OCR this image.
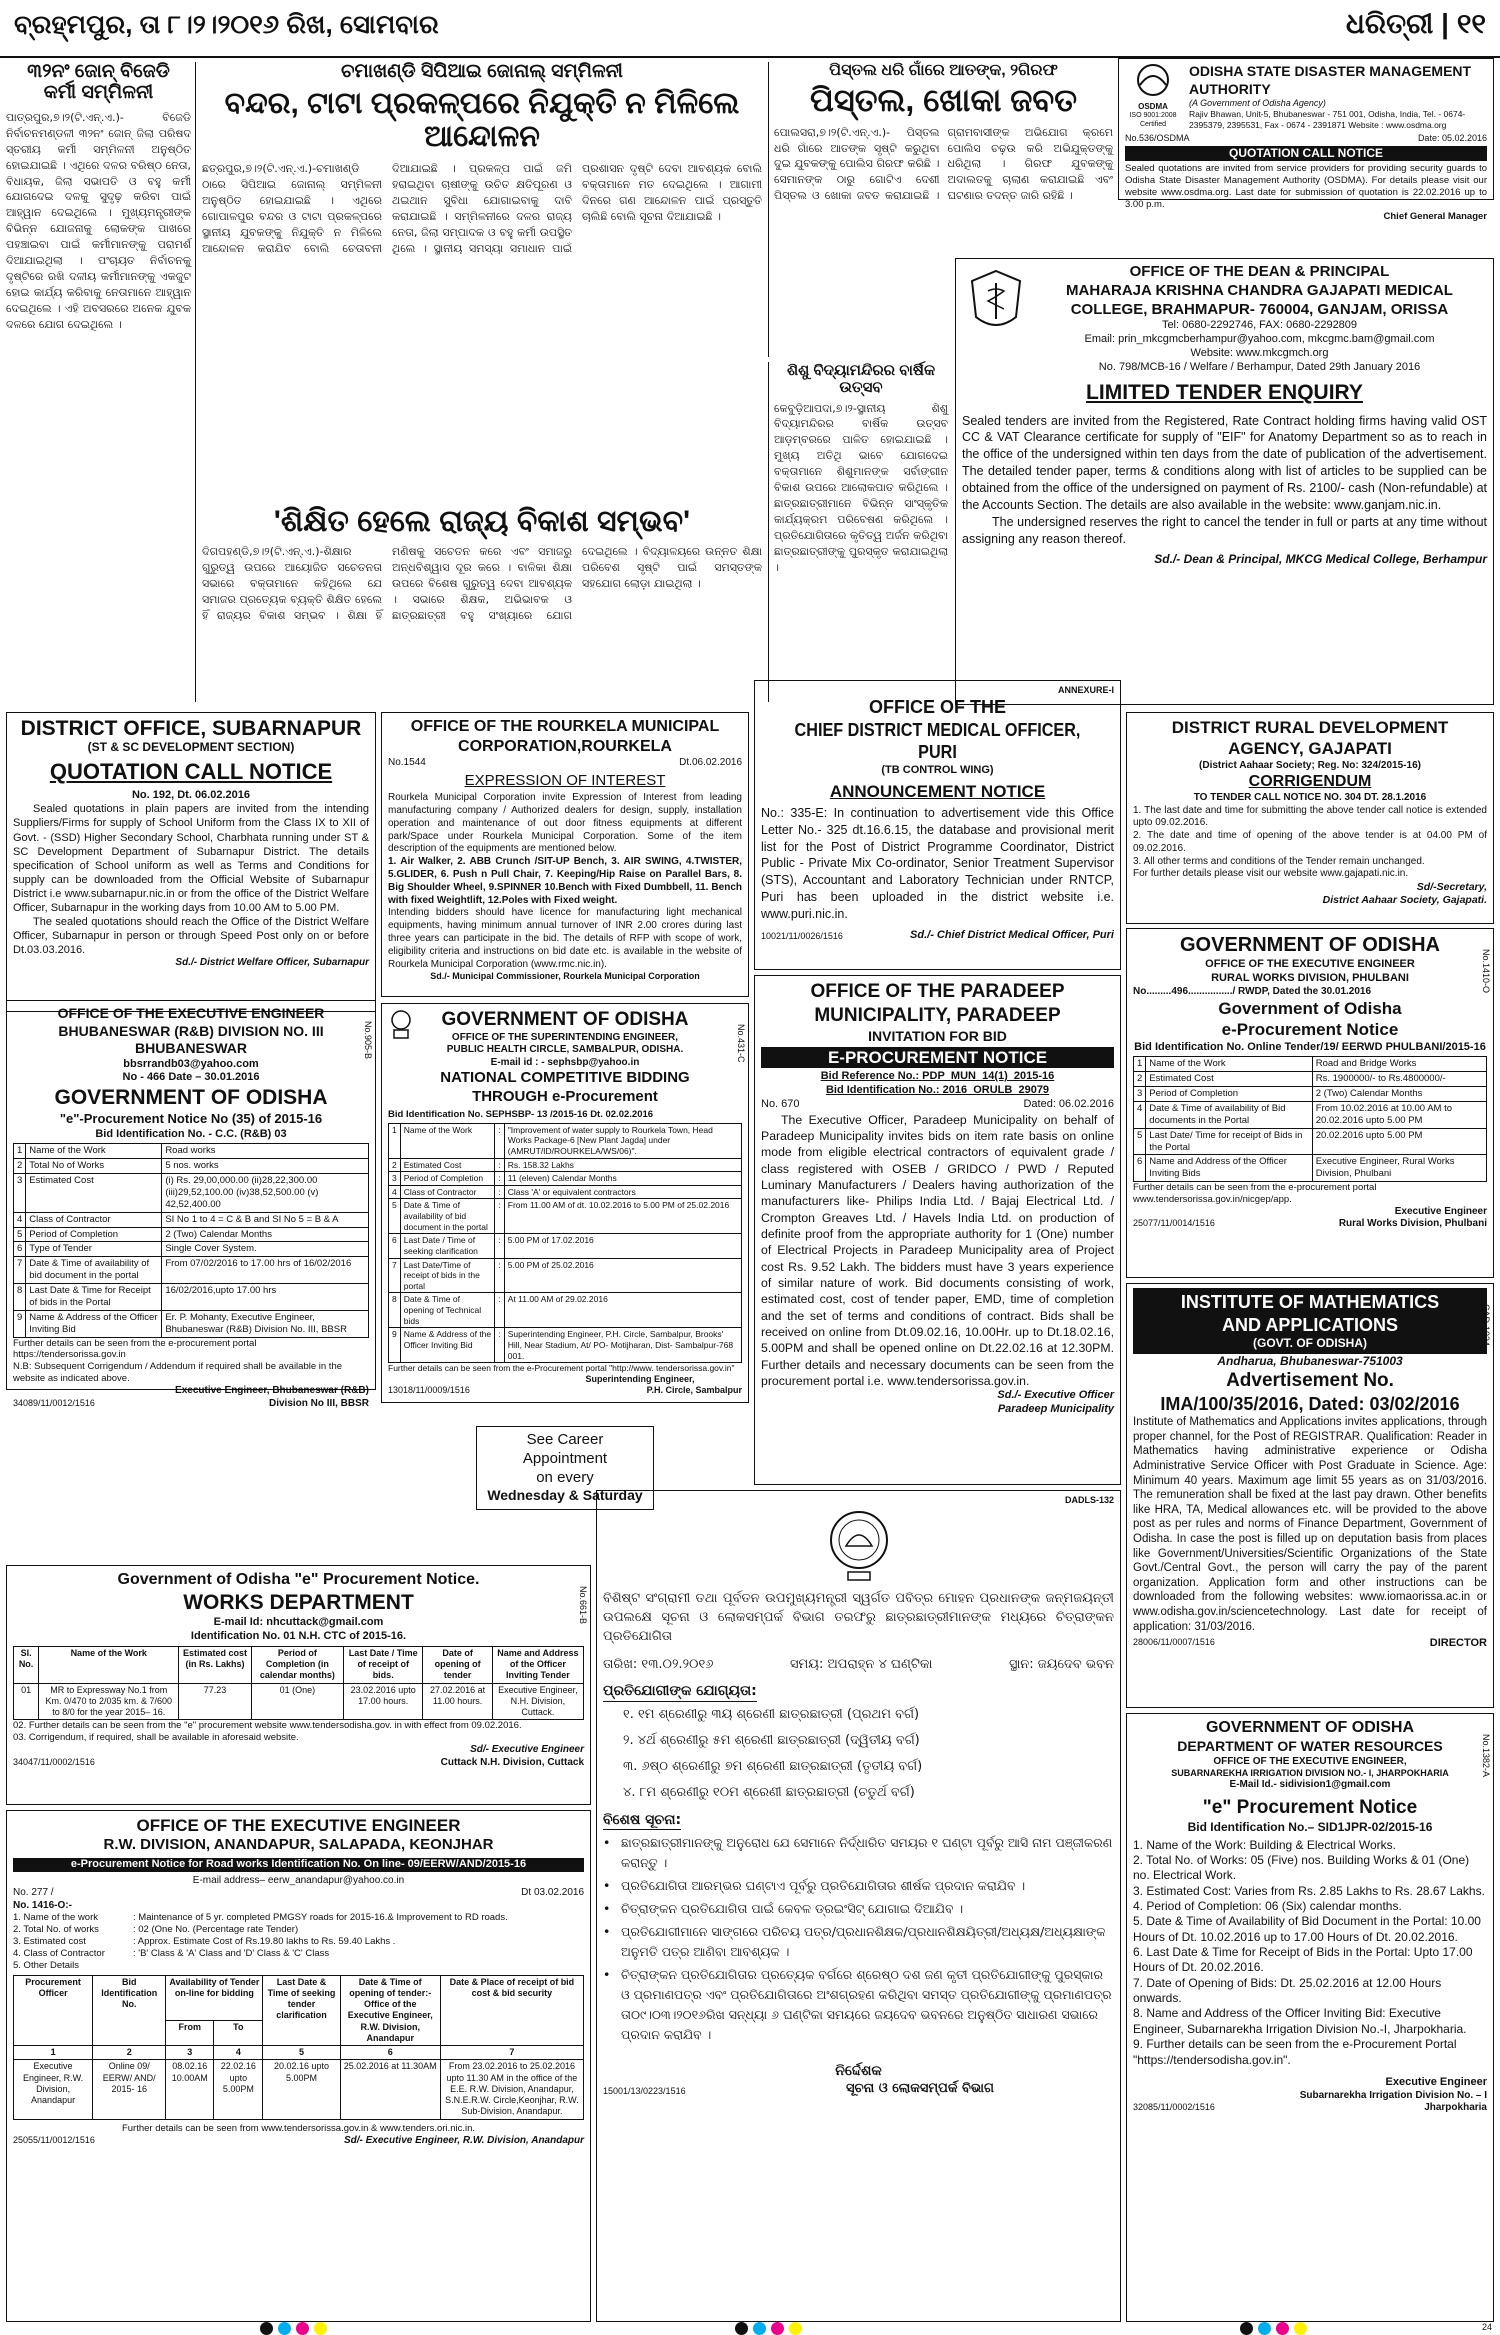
ବ୍ରହ୍ମପୁର, ତା ୮।୨।୨୦୧୬ ରିଖ, ସୋମବାର	ଧରିତ୍ରୀ | ୧୧
୩୨ନଂ ଜୋନ୍ ବିଜେଡି
କର୍ମୀ ସମ୍ମିଳନୀ
ପାତ୍ରପୁର,୭।୨(ଟି.ଏନ୍.ଏ.)- ବିଜେଡି ନିର୍ବାଚନମଣ୍ଡଳୀ ୩୨ନଂ ଜୋନ୍ ଜିଲା ପରିଷଦ ସ୍ତରୀୟ କର୍ମୀ ସମ୍ମିଳନୀ ଅନୁଷ୍ଠିତ ହୋଇଯାଇଛି । ଏଥିରେ ଦଳର ବରିଷ୍ଠ ନେତା, ବିଧାୟକ, ଜିଲା ସଭାପତି ଓ ବହୁ କର୍ମୀ ଯୋଗଦେଇ ଦଳକୁ ସୁଦୃଢ଼ କରିବା ପାଇଁ ଆହ୍ୱାନ ଦେଇଥିଲେ । ମୁଖ୍ୟମନ୍ତ୍ରୀଙ୍କ ବିଭିନ୍ନ ଯୋଜନାକୁ ଲୋକଙ୍କ ପାଖରେ ପହଞ୍ଚାଇବା ପାଇଁ କର୍ମୀମାନଙ୍କୁ ପରାମର୍ଶ ଦିଆଯାଇଥିଲା । ପଂଚାୟତ ନିର୍ବାଚନକୁ ଦୃଷ୍ଟିରେ ରଖି ଦଳୀୟ କର୍ମୀମାନଙ୍କୁ ଏକଜୁଟ ହୋଇ କାର୍ଯ୍ୟ କରିବାକୁ ନେତାମାନେ ଆହ୍ୱାନ ଦେଇଥିଲେ । ଏହି ଅବସରରେ ଅନେକ ଯୁବକ ଦଳରେ ଯୋଗ ଦେଇଥିଲେ ।
ଚମାଖଣ୍ଡି ସିପିଆଇ ଜୋନାଲ୍ ସମ୍ମିଳନୀ
ବନ୍ଦର, ଟାଟା ପ୍ରକଳ୍ପରେ ନିଯୁକ୍ତି ନ ମିଳିଲେ ଆନ୍ଦୋଳନ
ଛତ୍ରପୁର,୭।୨(ଟି.ଏନ୍.ଏ.)-ଚମାଖଣ୍ଡି ଠାରେ ସିପିଆଇ ଜୋନାଲ୍ ସମ୍ମିଳନୀ ଅନୁଷ୍ଠିତ ହୋଇଯାଇଛି । ଏଥିରେ ଗୋପାଳପୁର ବନ୍ଦର ଓ ଟାଟା ପ୍ରକଳ୍ପରେ ସ୍ଥାନୀୟ ଯୁବକଙ୍କୁ ନିଯୁକ୍ତି ନ ମିଳିଲେ ଆନ୍ଦୋଳନ କରାଯିବ ବୋଲି ଚେତାବନୀ ଦିଆଯାଇଛି । ପ୍ରକଳ୍ପ ପାଇଁ ଜମି ହରାଇଥିବା ଚାଷୀଙ୍କୁ ଉଚିତ କ୍ଷତିପୂରଣ ଓ ଥଇଥାନ ସୁବିଧା ଯୋଗାଇବାକୁ ଦାବି କରାଯାଇଛି । ସମ୍ମିଳନୀରେ ଦଳର ରାଜ୍ୟ ନେତା, ଜିଲା ସମ୍ପାଦକ ଓ ବହୁ କର୍ମୀ ଉପସ୍ଥିତ ଥିଲେ । ସ୍ଥାନୀୟ ସମସ୍ୟା ସମାଧାନ ପାଇଁ ପ୍ରଶାସନ ଦୃଷ୍ଟି ଦେବା ଆବଶ୍ୟକ ବୋଲି ବକ୍ତାମାନେ ମତ ଦେଇଥିଲେ । ଆଗାମୀ ଦିନରେ ଗଣ ଆନ୍ଦୋଳନ ପାଇଁ ପ୍ରସ୍ତୁତି ଚାଲିଛି ବୋଲି ସୂଚନା ଦିଆଯାଇଛି ।
'ଶିକ୍ଷିତ ହେଲେ ରାଜ୍ୟ ବିକାଶ ସମ୍ଭବ'
ଦିଗପହଣ୍ଡି,୭।୨(ଟି.ଏନ୍.ଏ.)-ଶିକ୍ଷାର ଗୁରୁତ୍ୱ ଉପରେ ଆୟୋଜିତ ସଚେତନତା ସଭାରେ ବକ୍ତାମାନେ କହିଥିଲେ ଯେ ସମାଜର ପ୍ରତ୍ୟେକ ବ୍ୟକ୍ତି ଶିକ୍ଷିତ ହେଲେ ହିଁ ରାଜ୍ୟର ବିକାଶ ସମ୍ଭବ । ଶିକ୍ଷା ହିଁ ମଣିଷକୁ ସଚେତନ କରେ ଏବଂ ସମାଜରୁ ଅନ୍ଧବିଶ୍ୱାସ ଦୂର କରେ । ବାଳିକା ଶିକ୍ଷା ଉପରେ ବିଶେଷ ଗୁରୁତ୍ୱ ଦେବା ଆବଶ୍ୟକ । ସଭାରେ ଶିକ୍ଷକ, ଅଭିଭାବକ ଓ ଛାତ୍ରଛାତ୍ରୀ ବହୁ ସଂଖ୍ୟାରେ ଯୋଗ ଦେଇଥିଲେ । ବିଦ୍ୟାଳୟରେ ଉନ୍ନତ ଶିକ୍ଷା ପରିବେଶ ସୃଷ୍ଟି ପାଇଁ ସମସ୍ତଙ୍କ ସହଯୋଗ ଲୋଡ଼ା ଯାଇଥିଲା ।
ପିସ୍ତଲ ଧରି ଗାଁରେ ଆତଙ୍କ, ୨ଗିରଫ
ପିସ୍ତଲ, ଖୋକା ଜବତ
ପୋଲସରା,୭।୨(ଟି.ଏନ୍.ଏ.)- ପିସ୍ତଲ ଧରି ଗାଁରେ ଆତଙ୍କ ସୃଷ୍ଟି କରୁଥିବା ଦୁଇ ଯୁବକଙ୍କୁ ପୋଲିସ ଗିରଫ କରିଛି । ସେମାନଙ୍କ ଠାରୁ ଗୋଟିଏ ଦେଶୀ ପିସ୍ତଲ ଓ ଖୋକା ଜବତ କରାଯାଇଛି । ଗ୍ରାମବାସୀଙ୍କ ଅଭିଯୋଗ କ୍ରମେ ପୋଲିସ ଚଢ଼ଉ କରି ଅଭିଯୁକ୍ତଙ୍କୁ ଧରିଥିଲା । ଗିରଫ ଯୁବକଙ୍କୁ ଅଦାଲତକୁ ଚାଲାଣ କରାଯାଇଛି ଏବଂ ଘଟଣାର ତଦନ୍ତ ଜାରି ରହିଛି ।
ଶିଶୁ ବିଦ୍ୟାମନ୍ଦିରର ବାର୍ଷିକ ଉତ୍ସବ
କେବୁଡ଼ିଆପଦା,୭।୨-ସ୍ଥାନୀୟ ଶିଶୁ ବିଦ୍ୟାମନ୍ଦିରର ବାର୍ଷିକ ଉତ୍ସବ ଆଡ଼ମ୍ବରରେ ପାଳିତ ହୋଇଯାଇଛି । ମୁଖ୍ୟ ଅତିଥି ଭାବେ ଯୋଗଦେଇ ବକ୍ତାମାନେ ଶିଶୁମାନଙ୍କ ସର୍ବାଙ୍ଗୀନ ବିକାଶ ଉପରେ ଆଲୋକପାତ କରିଥିଲେ । ଛାତ୍ରଛାତ୍ରୀମାନେ ବିଭିନ୍ନ ସାଂସ୍କୃତିକ କାର୍ଯ୍ୟକ୍ରମ ପରିବେଷଣ କରିଥିଲେ । ପ୍ରତିଯୋଗିତାରେ କୃତିତ୍ୱ ଅର୍ଜନ କରିଥିବା ଛାତ୍ରଛାତ୍ରୀଙ୍କୁ ପୁରସ୍କୃତ କରାଯାଇଥିଲା ।
OSDMA
ISO 9001:2008 Certified
ODISHA STATE DISASTER MANAGEMENT AUTHORITY
(A Government of Odisha Agency)
Rajiv Bhawan, Unit-5, Bhubaneswar - 751 001, Odisha, India, Tel. - 0674-2395379, 2395531, Fax - 0674 - 2391871 Website : www.osdma.org
No.536/OSDMA	Date: 05.02.2016
QUOTATION CALL NOTICE
Sealed quotations are invited from service providers for providing security guards to Odisha State Disaster Management Authority (OSDMA). For details please visit our website www.osdma.org. Last date for submission of quotation is 22.02.2016 up to 3.00 p.m.
Chief General Manager
OFFICE OF THE DEAN & PRINCIPAL
MAHARAJA KRISHNA CHANDRA GAJAPATI MEDICAL
COLLEGE, BRAHMAPUR- 760004, GANJAM, ORISSA
Tel: 0680-2292746, FAX: 0680-2292809
Email: prin_mkcgmcberhampur@yahoo.com, mkcgmc.bam@gmail.com
Website: www.mkcgmch.org
No. 798/MCB-16 / Welfare / Berhampur, Dated 29th January 2016
LIMITED TENDER ENQUIRY
Sealed tenders are invited from the Registered, Rate Contract holding firms having valid OST CC & VAT Clearance certificate for supply of "EIF" for Anatomy Department so as to reach in the office of the undersigned within ten days from the date of publication of the advertisement. The detailed tender paper, terms & conditions along with list of articles to be supplied can be obtained from the office of the undersigned on payment of Rs. 2100/- cash (Non-refundable) at the Accounts Section. The details are also available in the website: www.ganjam.nic.in.
The undersigned reserves the right to cancel the tender in full or parts at any time without assigning any reason thereof.
Sd./- Dean & Principal, MKCG Medical College, Berhampur
DISTRICT OFFICE, SUBARNAPUR
(ST & SC DEVELOPMENT SECTION)
QUOTATION CALL NOTICE
No. 192, Dt. 06.02.2016
Sealed quotations in plain papers are invited from the intending Suppliers/Firms for supply of School Uniform from the Class IX to XII of Govt. - (SSD) Higher Secondary School, Charbhata running under ST & SC Development Department of Subarnapur District. The details specification of School uniform as well as Terms and Conditions for supply can be downloaded from the Official Website of Subarnapur District i.e www.subarnapur.nic.in or from the office of the District Welfare Officer, Subarnapur in the working days from 10.00 AM to 5.00 PM.
The sealed quotations should reach the Office of the District Welfare Officer, Subarnapur in person or through Speed Post only on or before Dt.03.03.2016.
Sd./- District Welfare Officer, Subarnapur
OFFICE OF THE ROURKELA MUNICIPAL
CORPORATION,ROURKELA
No.1544	Dt.06.02.2016
EXPRESSION OF INTEREST
Rourkela Municipal Corporation invite Expression of Interest from leading manufacturing company / Authorized dealers for design, supply, installation operation and maintenance of out door fitness equipments at different park/Space under Rourkela Municipal Corporation. Some of the item description of the equipments are mentioned below.
1. Air Walker, 2. ABB Crunch /SIT-UP Bench, 3. AIR SWING, 4.TWISTER, 5.GLIDER, 6. Push n Pull Chair, 7. Keeping/Hip Raise on Parallel Bars, 8. Big Shoulder Wheel, 9.SPINNER 10.Bench with Fixed Dumbbell, 11. Bench with fixed Weightlift, 12.Poles with Fixed weight.
Intending bidders should have licence for manufacturing light mechanical equipments, having minimum annual turnover of INR 2.00 crores during last three years can participate in the bid. The details of RFP with scope of work, eligibility criteria and instructions on bid date etc. is available in the website of Rourkela Municipal Corporation (www.rmc.nic.in).
Sd./- Municipal Commissioner, Rourkela Municipal Corporation
ANNEXURE-I
OFFICE OF THE
CHIEF DISTRICT MEDICAL OFFICER, PURI
(TB CONTROL WING)
ANNOUNCEMENT NOTICE
No.: 335-E: In continuation to advertisement vide this Office Letter No.- 325 dt.16.6.15, the database and provisional merit list for the Post of District Programme Coordinator, District Public - Private Mix Co-ordinator, Senior Treatment Supervisor (STS), Accountant and Laboratory Technician under RNTCP, Puri has been uploaded in the district website i.e. www.puri.nic.in.
10021/11/0026/1516	Sd./- Chief District Medical Officer, Puri
DISTRICT RURAL DEVELOPMENT
AGENCY, GAJAPATI
(District Aahaar Society; Reg. No: 324/2015-16)
CORRIGENDUM
TO TENDER CALL NOTICE NO. 304 DT. 28.1.2016
1. The last date and time for submitting the above tender call notice is extended upto 09.02.2016.
2. The date and time of opening of the above tender is at 04.00 PM of 09.02.2016.
3. All other terms and conditions of the Tender remain unchanged.
For further details please visit our website www.gajapati.nic.in.
Sd/-Secretary,
District Aahaar Society, Gajapati.
No.905-B
OFFICE OF THE EXECUTIVE ENGINEER
BHUBANESWAR (R&B) DIVISION NO. III
BHUBANESWAR
bbsrrandb03@yahoo.com
No - 466 Date – 30.01.2016
GOVERNMENT OF ODISHA
"e"-Procurement Notice No (35) of 2015-16
Bid Identification No. - C.C. (R&B) 03
1	Name of the Work	Road works
2	Total No of Works	5 nos. works
3	Estimated Cost	(i) Rs. 29,00,000.00 (ii)28,22,300.00 (iii)29,52,100.00 (iv)38,52,500.00 (v) 42,52,400.00
4	Class of Contractor	SI No 1 to 4 = C & B and SI No 5 = B & A
5	Period of Completion	2 (Two) Calendar Months
6	Type of Tender	Single Cover System.
7	Date & Time of availability of bid document in the portal	From 07/02/2016 to 17.00 hrs of 16/02/2016
8	Last Date & Time for Receipt of bids in the Portal	16/02/2016,upto 17.00 hrs
9	Name & Address of the Officer Inviting Bid	Er. P. Mohanty, Executive Engineer, Bhubaneswar (R&B) Division No. III, BBSR
Further details can be seen from the e-procurement portal https://tendersorissa.gov.in
N.B: Subsequent Corrigendum / Addendum if required shall be available in the website as indicated above.
Executive Engineer, Bhubaneswar (R&B)
34089/11/0012/1516	Division No III, BBSR
No.431-C
GOVERNMENT OF ODISHA
OFFICE OF THE SUPERINTENDING ENGINEER,
PUBLIC HEALTH CIRCLE, SAMBALPUR, ODISHA.
E-mail id : - sephsbp@yahoo.in
NATIONAL COMPETITIVE BIDDING
THROUGH e-Procurement
Bid Identification No. SEPHSBP- 13 /2015-16 Dt. 02.02.2016
1	Name of the Work	:	"Improvement of water supply to Rourkela Town, Head Works Package-6 [New Plant Jagda] under (AMRUT/ID/ROURKELA/WS/06)".
2	Estimated Cost	:	Rs. 158.32 Lakhs
3	Period of Completion	:	11 (eleven) Calendar Months
4	Class of Contractor	:	Class 'A' or equivalent contractors
5	Date & Time of availability of bid document in the portal	:	From 11.00 AM of dt. 10.02.2016 to 5.00 PM of 25.02.2016
6	Last Date / Time of seeking clarification	:	5.00 PM of 17.02.2016
7	Last Date/Time of receipt of bids in the portal	:	5.00 PM of 25.02.2016
8	Date & Time of opening of Technical bids	:	At 11.00 AM of 29.02.2016
9	Name & Address of the Officer Inviting Bid	:	Superintending Engineer, P.H. Circle, Sambalpur, Brooks' Hill, Near Stadium, At/ PO- Motijharan, Dist- Sambalpur-768 001.
Further details can be seen from the e-Procurement portal "http://www. tendersorissa.gov.in"
Superintending Engineer,
13018/11/0009/1516	P.H. Circle, Sambalpur
OFFICE OF THE PARADEEP
MUNICIPALITY, PARADEEP
INVITATION FOR BID
E-PROCUREMENT NOTICE
Bid Reference No.: PDP_MUN_14(1)_2015-16
Bid Identification No.: 2016_ORULB_29079
No. 670	Dated: 06.02.2016
The Executive Officer, Paradeep Municipality on behalf of Paradeep Municipality invites bids on item rate basis on online mode from eligible electrical contractors of equivalent grade / class registered with OSEB / GRIDCO / PWD / Reputed Luminary Manufacturers / Dealers having authorization of the manufacturers like- Philips India Ltd. / Bajaj Electrical Ltd. / Crompton Greaves Ltd. / Havels India Ltd. on production of definite proof from the appropriate authority for 1 (One) number of Electrical Projects in Paradeep Municipality area of Project cost Rs. 9.52 Lakh. The bidders must have 3 years experience of similar nature of work. Bid documents consisting of work, estimated cost, cost of tender paper, EMD, time of completion and the set of terms and conditions of contract. Bids shall be received on online from Dt.09.02.16, 10.00Hr. up to Dt.18.02.16, 5.00PM and shall be opened online on Dt.22.02.16 at 12.30PM. Further details and necessary documents can be seen from the procurement portal i.e. www.tendersorissa.gov.in.
Sd./- Executive Officer
Paradeep Municipality
No.1410-O
GOVERNMENT OF ODISHA
OFFICE OF THE EXECUTIVE ENGINEER
RURAL WORKS DIVISION, PHULBANI
No.........496................/ RWDP, Dated the 30.01.2016
Government of Odisha
e-Procurement Notice
Bid Identification No. Online Tender/19/ EERWD PHULBANI/2015-16
1	Name of the Work	Road and Bridge Works
2	Estimated Cost	Rs. 1900000/- to Rs.4800000/-
3	Period of Completion	2 (Two) Calendar Months
4	Date & Time of availability of Bid documents in the Portal	From 10.02.2016 at 10.00 AM to 20.02.2016 upto 5.00 PM
5	Last Date/ Time for receipt of Bids in the Portal	20.02.2016 upto 5.00 PM
6	Name and Address of the Officer Inviting Bids	Executive Engineer, Rural Works Division, Phulbani
Further details can be seen from the e-procurement portal www.tendersorissa.gov.in/nicgep/app.
Executive Engineer
25077/11/0014/1516	Rural Works Division, Phulbani
CAD-1034
INSTITUTE OF MATHEMATICS
AND APPLICATIONS
(GOVT. OF ODISHA)
Andharua, Bhubaneswar-751003
Advertisement No.
IMA/100/35/2016, Dated: 03/02/2016
Institute of Mathematics and Applications invites applications, through proper channel, for the Post of REGISTRAR. Qualification: Reader in Mathematics having administrative experience or Odisha Administrative Service Officer with Post Graduate in Science. Age: Minimum 40 years. Maximum age limit 55 years as on 31/03/2016. The remuneration shall be fixed at the last pay drawn. Other benefits like HRA, TA, Medical allowances etc. will be provided to the above post as per rules and norms of Finance Department, Government of Odisha. In case the post is filled up on deputation basis from places like Government/Universities/Scientific Organizations of the State Govt./Central Govt., the person will carry the pay of the parent organization. Application form and other instructions can be downloaded from the following websites: www.iomaorissa.ac.in or www.odisha.gov.in/sciencetechnology. Last date for receipt of application: 31/03/2016.
28006/11/0007/1516	DIRECTOR
See Career
Appointment
on every
Wednesday & Saturday
No.661-B
Government of Odisha "e" Procurement Notice.
WORKS DEPARTMENT
E-mail Id: nhcuttack@gmail.com
Identification No. 01 N.H. CTC of 2015-16.
Sl. No.	Name of the Work	Estimated cost (in Rs. Lakhs)	Period of Completion (in calendar months)	Last Date / Time of receipt of bids.	Date of opening of tender	Name and Address of the Officer Inviting Tender
01	MR to Expressway No.1 from Km. 0/470 to 2/035 km. & 7/600 to 8/0 for the year 2015– 16.	77.23	01 (One)	23.02.2016 upto 17.00 hours.	27.02.2016 at 11.00 hours.	Executive Engineer, N.H. Division, Cuttack.
02. Further details can be seen from the "e" procurement website www.tendersodisha.gov. in with effect from 09.02.2016.
03. Corrigendum, if required, shall be available in aforesaid website.
Sd/- Executive Engineer
34047/11/0002/1516	Cuttack N.H. Division, Cuttack
OFFICE OF THE EXECUTIVE ENGINEER
R.W. DIVISION, ANANDAPUR, SALAPADA, KEONJHAR
e-Procurement Notice for Road works Identification No. On line- 09/EERW/AND/2015-16
E-mail address– eerw_anandapur@yahoo.co.in
No. 277 /	Dt 03.02.2016
No. 1416-O:-
1. Name of the work	: Maintenance of 5 yr. completed PMGSY roads for 2015-16.& Improvement to RD roads.
2. Total No. of works	: 02 (One No. (Percentage rate Tender)
3. Estimated cost	: Approx. Estimate Cost of Rs.19.80 lakhs to Rs. 59.40 Lakhs .
4. Class of Contractor	: 'B' Class & 'A' Class and 'D' Class & 'C' Class
5. Other Details
Procurement Officer	Bid Identification No.	Availability of Tender on-line for bidding		Last Date & Time of seeking tender clarification	Date & Time of opening of tender:- Office of the Executive Engineer, R.W. Division, Anandapur	Date & Place of receipt of bid cost & bid security
		From	To			
1	2	3	4	5	6	7
Executive Engineer, R.W. Division, Anandapur	Online 09/ EERW/ AND/ 2015- 16	08.02.16 10.00AM	22.02.16 upto 5.00PM	20.02.16 upto 5.00PM	25.02.2016 at 11.30AM	From 23.02.2016 to 25.02.2016 upto 11.30 AM in the office of the E.E. R.W. Division, Anandapur, S.N.E.R.W. Circle,Keonjhar, R.W. Sub-Division, Anandapur.
Further details can be seen from www.tendersorissa.gov.in & www.tenders.ori.nic.in.
25055/11/0012/1516	Sd/- Executive Engineer, R.W. Division, Anandapur
DADLS-132
ବିଶିଷ୍ଟ ସଂଗ୍ରାମୀ ତଥା ପୂର୍ବତନ ଉପମୁଖ୍ୟମନ୍ତ୍ରୀ ସ୍ୱର୍ଗତ ପବିତ୍ର ମୋହନ ପ୍ରଧାନଙ୍କ ଜନ୍ମଜୟନ୍ତୀ ଉପଲକ୍ଷେ ସୂଚନା ଓ ଲୋକସମ୍ପର୍କ ବିଭାଗ ତରଫରୁ ଛାତ୍ରଛାତ୍ରୀମାନଙ୍କ ମଧ୍ୟରେ ଚିତ୍ରାଙ୍କନ ପ୍ରତିଯୋଗିତା
ତାରିଖ: ୧୩.୦୨.୨୦୧୬	ସମୟ: ଅପରାହ୍ନ ୪ ଘଣ୍ଟିକା	ସ୍ଥାନ: ଜୟଦେବ ଭବନ
ପ୍ରତିଯୋଗୀଙ୍କ ଯୋଗ୍ୟତା:
୧. ୧ମ ଶ୍ରେଣୀରୁ ୩ୟ ଶ୍ରେଣୀ ଛାତ୍ରଛାତ୍ରୀ (ପ୍ରଥମ ବର୍ଗ)
୨. ୪ର୍ଥ ଶ୍ରେଣୀରୁ ୫ମ ଶ୍ରେଣୀ ଛାତ୍ରଛାତ୍ରୀ (ଦ୍ୱିତୀୟ ବର୍ଗ)
୩. ୬ଷ୍ଠ ଶ୍ରେଣୀରୁ ୭ମ ଶ୍ରେଣୀ ଛାତ୍ରଛାତ୍ରୀ (ତୃତୀୟ ବର୍ଗ)
୪. ୮ମ ଶ୍ରେଣୀରୁ ୧୦ମ ଶ୍ରେଣୀ ଛାତ୍ରଛାତ୍ରୀ (ଚତୁର୍ଥ ବର୍ଗ)
ବିଶେଷ ସୂଚନା:
• ଛାତ୍ରଛାତ୍ରୀମାନଙ୍କୁ ଅନୁରୋଧ ଯେ ସେମାନେ ନିର୍ଦ୍ଧାରିତ ସମୟର ୧ ଘଣ୍ଟା ପୂର୍ବରୁ ଆସି ନାମ ପଞ୍ଜୀକରଣ କରାନ୍ତୁ ।
• ପ୍ରତିଯୋଗିତା ଆରମ୍ଭର ଘଣ୍ଟାଏ ପୂର୍ବରୁ ପ୍ରତିଯୋଗିତାର ଶୀର୍ଷକ ପ୍ରଦାନ କରାଯିବ ।
• ଚିତ୍ରାଙ୍କନ ପ୍ରତିଯୋଗିତା ପାଇଁ କେବଳ ଡ୍ରଇଂସିଟ୍ ଯୋଗାଇ ଦିଆଯିବ ।
• ପ୍ରତିଯୋଗୀମାନେ ସାଙ୍ଗରେ ପରିଚୟ ପତ୍ର/ପ୍ରଧାନଶିକ୍ଷକ/ପ୍ରଧାନଶିକ୍ଷୟିତ୍ରୀ/ଅଧ୍ୟକ୍ଷ/ଅଧ୍ୟକ୍ଷାଙ୍କ ଅନୁମତି ପତ୍ର ଆଣିବା ଆବଶ୍ୟକ ।
• ଚିତ୍ରାଙ୍କନ ପ୍ରତିଯୋଗିତାର ପ୍ରତ୍ୟେକ ବର୍ଗରେ ଶ୍ରେଷ୍ଠ ଦଶ ଜଣ କୃତୀ ପ୍ରତିଯୋଗୀଙ୍କୁ ପୁରସ୍କାର ଓ ପ୍ରମାଣପତ୍ର ଏବଂ ପ୍ରତିଯୋଗିତାରେ ଅଂଶଗ୍ରହଣ କରିଥିବା ସମସ୍ତ ପ୍ରତିଯୋଗୀଙ୍କୁ ପ୍ରମାଣପତ୍ର ତା୦୯।୦୩।୨୦୧୬ରିଖ ସନ୍ଧ୍ୟା ୬ ଘଣ୍ଟିକା ସମୟରେ ଜୟଦେବ ଭବନରେ ଅନୁଷ୍ଠିତ ସାଧାରଣ ସଭାରେ ପ୍ରଦାନ କରାଯିବ ।
ନିର୍ଦ୍ଦେଶକ
15001/13/0223/1516	ସୂଚନା ଓ ଲୋକସମ୍ପର୍କ ବିଭାଗ
No.1382-A
GOVERNMENT OF ODISHA
DEPARTMENT OF WATER RESOURCES
OFFICE OF THE EXECUTIVE ENGINEER,
SUBARNAREKHA IRRIGATION DIVISION NO.- I, JHARPOKHARIA
E-Mail Id.- sidivision1@gmail.com
"e" Procurement Notice
Bid Identification No.– SID1JPR-02/2015-16
1. Name of the Work: Building & Electrical Works.
2. Total No. of Works: 05 (Five) nos. Building Works & 01 (One) no. Electrical Work.
3. Estimated Cost: Varies from Rs. 2.85 Lakhs to Rs. 28.67 Lakhs.
4. Period of Completion: 06 (Six) calendar months.
5. Date & Time of Availability of Bid Document in the Portal: 10.00 Hours of Dt. 10.02.2016 up to 17.00 Hours of Dt. 20.02.2016.
6. Last Date & Time for Receipt of Bids in the Portal: Upto 17.00 Hours of Dt. 20.02.2016.
7. Date of Opening of Bids: Dt. 25.02.2016 at 12.00 Hours onwards.
8. Name and Address of the Officer Inviting Bid: Executive Engineer, Subarnarekha Irrigation Division No.-I, Jharpokharia.
9. Further details can be seen from the e-Procurement Portal "https://tendersodisha.gov.in".
Executive Engineer
Subarnarekha Irrigation Division No. – I
32085/11/0002/1516	Jharpokharia
24
